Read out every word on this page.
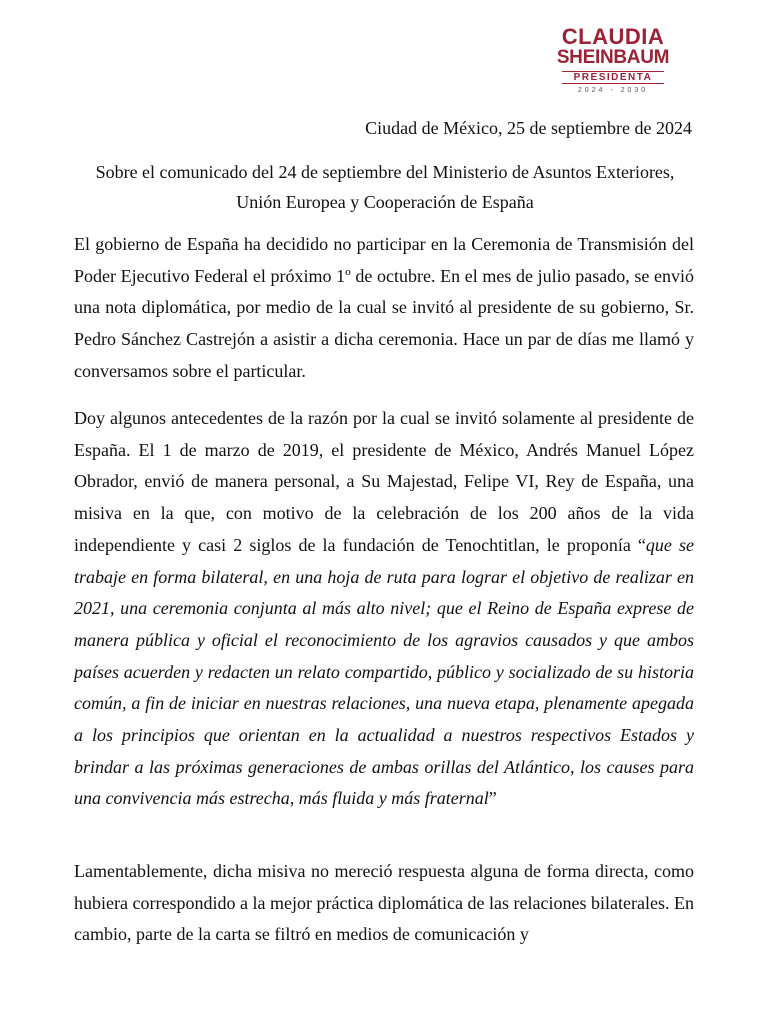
CLAUDIA
SHEINBAUM
PRESIDENTA
2024 - 2030
Ciudad de México, 25 de septiembre de 2024
Sobre el comunicado del 24 de septiembre del Ministerio de Asuntos Exteriores,
Unión Europea y Cooperación de España

El gobierno de España ha decidido no participar en la Ceremonia de Transmisión del Poder Ejecutivo Federal el próximo 1º de octubre. En el mes de julio pasado, se envió una nota diplomática, por medio de la cual se invitó al presidente de su gobierno, Sr. Pedro Sánchez Castrejón a asistir a dicha ceremonia. Hace un par de días me llamó y conversamos sobre el particular.

Doy algunos antecedentes de la razón por la cual se invitó solamente al presidente de España. El 1 de marzo de 2019, el presidente de México, Andrés Manuel López Obrador, envió de manera personal, a Su Majestad, Felipe VI, Rey de España, una misiva en la que, con motivo de la celebración de los 200 años de la vida independiente y casi 2 siglos de la fundación de Tenochtitlan, le proponía “que se trabaje en forma bilateral, en una hoja de ruta para lograr el objetivo de realizar en 2021, una ceremonia conjunta al más alto nivel; que el Reino de España exprese de manera pública y oficial el reconocimiento de los agravios causados y que ambos países acuerden y redacten un relato compartido, público y socializado de su historia común, a fin de iniciar en nuestras relaciones, una nueva etapa, plenamente apegada a los principios que orientan en la actualidad a nuestros respectivos Estados y brindar a las próximas generaciones de ambas orillas del Atlántico, los causes para una convivencia más estrecha, más fluida y más fraternal”

Lamentablemente, dicha misiva no mereció respuesta alguna de forma directa, como hubiera correspondido a la mejor práctica diplomática de las relaciones bilaterales. En cambio, parte de la carta se filtró en medios de comunicación y
